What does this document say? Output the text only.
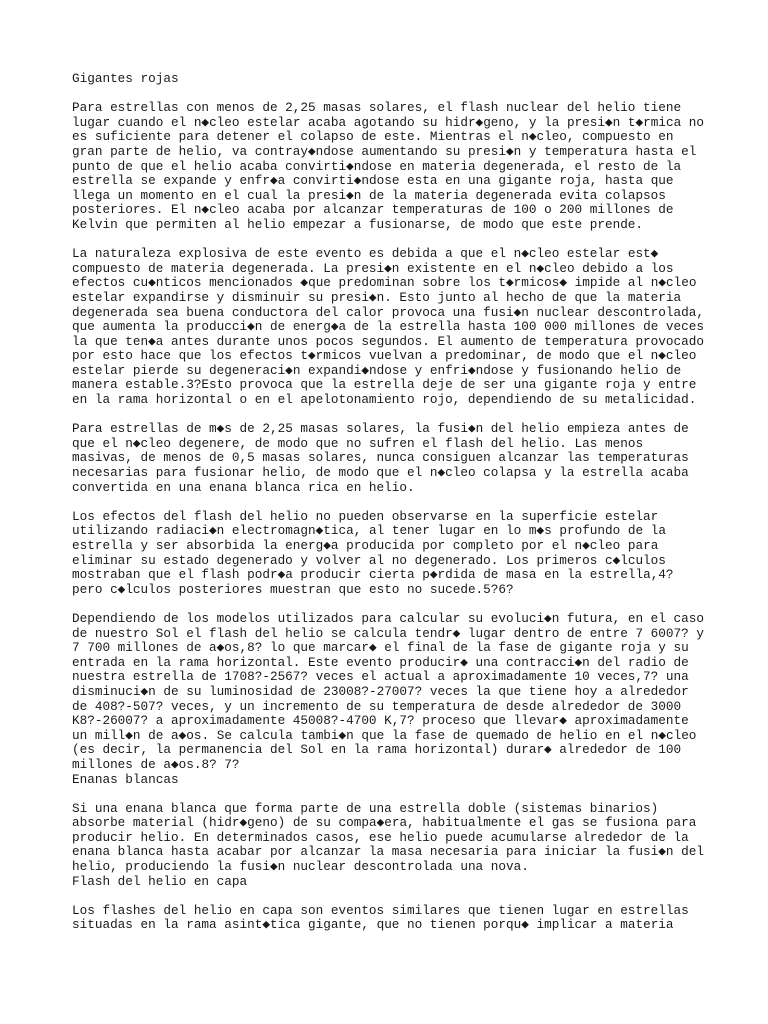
Gigantes rojas

Para estrellas con menos de 2,25 masas solares, el flash nuclear del helio tiene
lugar cuando el n◆cleo estelar acaba agotando su hidr◆geno, y la presi◆n t◆rmica no
es suficiente para detener el colapso de este. Mientras el n◆cleo, compuesto en
gran parte de helio, va contray◆ndose aumentando su presi◆n y temperatura hasta el
punto de que el helio acaba convirti◆ndose en materia degenerada, el resto de la
estrella se expande y enfr◆a convirti◆ndose esta en una gigante roja, hasta que
llega un momento en el cual la presi◆n de la materia degenerada evita colapsos
posteriores. El n◆cleo acaba por alcanzar temperaturas de 100 o 200 millones de
Kelvin que permiten al helio empezar a fusionarse, de modo que este prende.

La naturaleza explosiva de este evento es debida a que el n◆cleo estelar est◆
compuesto de materia degenerada. La presi◆n existente en el n◆cleo debido a los
efectos cu◆nticos mencionados ◆que predominan sobre los t◆rmicos◆ impide al n◆cleo
estelar expandirse y disminuir su presi◆n. Esto junto al hecho de que la materia
degenerada sea buena conductora del calor provoca una fusi◆n nuclear descontrolada,
que aumenta la producci◆n de energ◆a de la estrella hasta 100 000 millones de veces
la que ten◆a antes durante unos pocos segundos. El aumento de temperatura provocado
por esto hace que los efectos t◆rmicos vuelvan a predominar, de modo que el n◆cleo
estelar pierde su degeneraci◆n expandi◆ndose y enfri◆ndose y fusionando helio de
manera estable.3?Esto provoca que la estrella deje de ser una gigante roja y entre
en la rama horizontal o en el apelotonamiento rojo, dependiendo de su metalicidad.

Para estrellas de m◆s de 2,25 masas solares, la fusi◆n del helio empieza antes de
que el n◆cleo degenere, de modo que no sufren el flash del helio. Las menos
masivas, de menos de 0,5 masas solares, nunca consiguen alcanzar las temperaturas
necesarias para fusionar helio, de modo que el n◆cleo colapsa y la estrella acaba
convertida en una enana blanca rica en helio.

Los efectos del flash del helio no pueden observarse en la superficie estelar
utilizando radiaci◆n electromagn◆tica, al tener lugar en lo m◆s profundo de la
estrella y ser absorbida la energ◆a producida por completo por el n◆cleo para
eliminar su estado degenerado y volver al no degenerado. Los primeros c◆lculos
mostraban que el flash podr◆a producir cierta p◆rdida de masa en la estrella,4?
pero c◆lculos posteriores muestran que esto no sucede.5?6?

Dependiendo de los modelos utilizados para calcular su evoluci◆n futura, en el caso
de nuestro Sol el flash del helio se calcula tendr◆ lugar dentro de entre 7 6007? y
7 700 millones de a◆os,8? lo que marcar◆ el final de la fase de gigante roja y su
entrada en la rama horizontal. Este evento producir◆ una contracci◆n del radio de
nuestra estrella de 1708?-2567? veces el actual a aproximadamente 10 veces,7? una
disminuci◆n de su luminosidad de 23008?-27007? veces la que tiene hoy a alrededor
de 408?-507? veces, y un incremento de su temperatura de desde alrededor de 3000
K8?-26007? a aproximadamente 45008?-4700 K,7? proceso que llevar◆ aproximadamente
un mill◆n de a◆os. Se calcula tambi◆n que la fase de quemado de helio en el n◆cleo
(es decir, la permanencia del Sol en la rama horizontal) durar◆ alrededor de 100
millones de a◆os.8? 7?
Enanas blancas

Si una enana blanca que forma parte de una estrella doble (sistemas binarios)
absorbe material (hidr◆geno) de su compa◆era, habitualmente el gas se fusiona para
producir helio. En determinados casos, ese helio puede acumularse alrededor de la
enana blanca hasta acabar por alcanzar la masa necesaria para iniciar la fusi◆n del
helio, produciendo la fusi◆n nuclear descontrolada una nova.
Flash del helio en capa

Los flashes del helio en capa son eventos similares que tienen lugar en estrellas
situadas en la rama asint◆tica gigante, que no tienen porqu◆ implicar a materia
